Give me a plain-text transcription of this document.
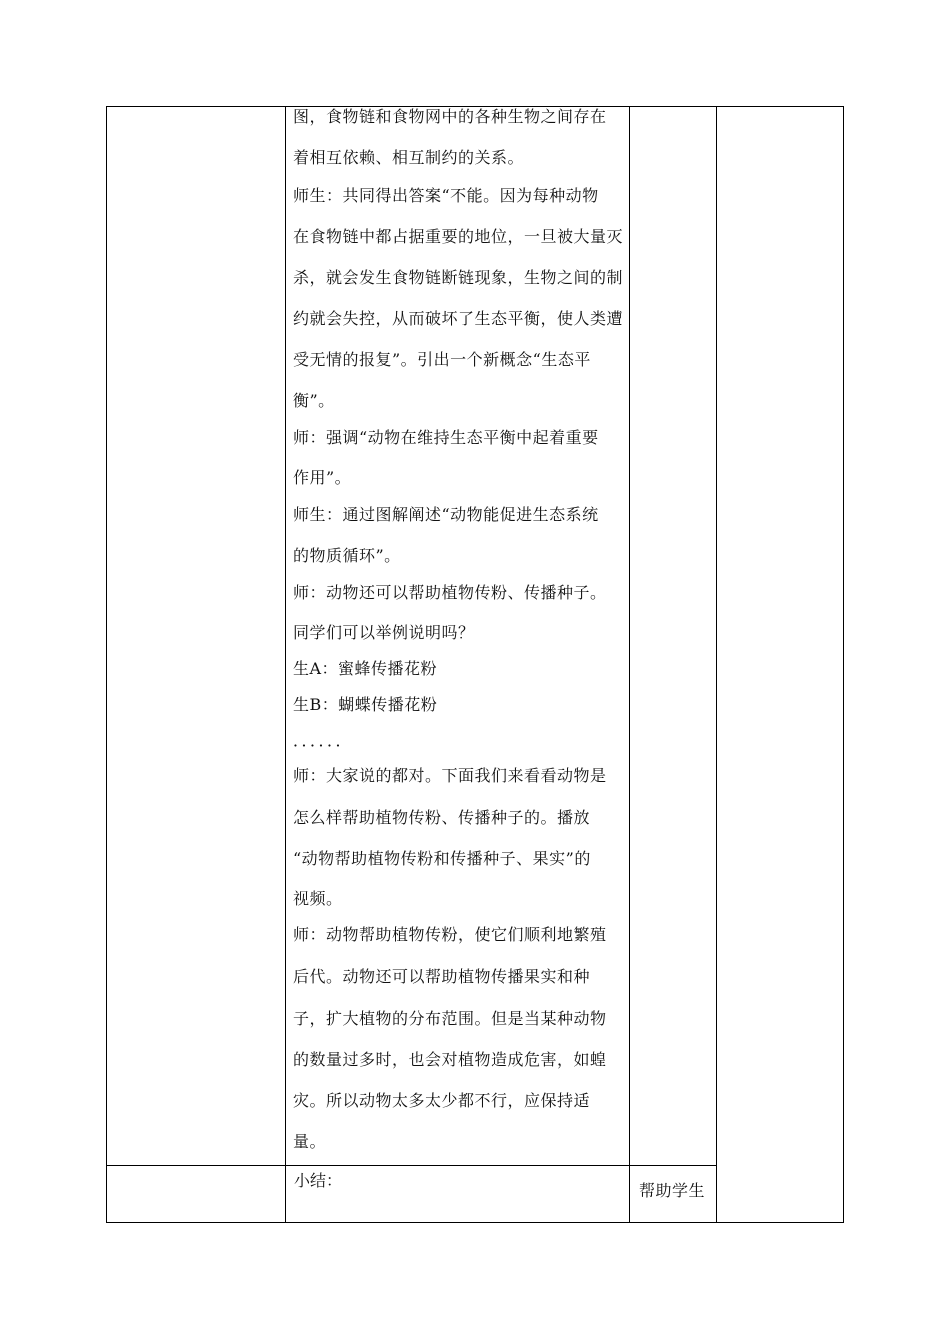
图，食物链和食物网中的各种生物之间存在
着相互依赖、相互制约的关系。
师生：共同得出答案“不能。因为每种动物
在食物链中都占据重要的地位，一旦被大量灭
杀，就会发生食物链断链现象，生物之间的制
约就会失控，从而破坏了生态平衡，使人类遭
受无情的报复”。引出一个新概念“生态平
衡”。
师：强调“动物在维持生态平衡中起着重要
作用”。
师生：通过图解阐述“动物能促进生态系统
的物质循环”。
师：动物还可以帮助植物传粉、传播种子。
同学们可以举例说明吗？
生A：蜜蜂传播花粉
生B：蝴蝶传播花粉
．．．．．．
师：大家说的都对。下面我们来看看动物是
怎么样帮助植物传粉、传播种子的。播放
“动物帮助植物传粉和传播种子、果实”的
视频。
师：动物帮助植物传粉，使它们顺利地繁殖
后代。动物还可以帮助植物传播果实和种
子，扩大植物的分布范围。但是当某种动物
的数量过多时，也会对植物造成危害，如蝗
灾。所以动物太多太少都不行，应保持适
量。
小结：
帮助学生
